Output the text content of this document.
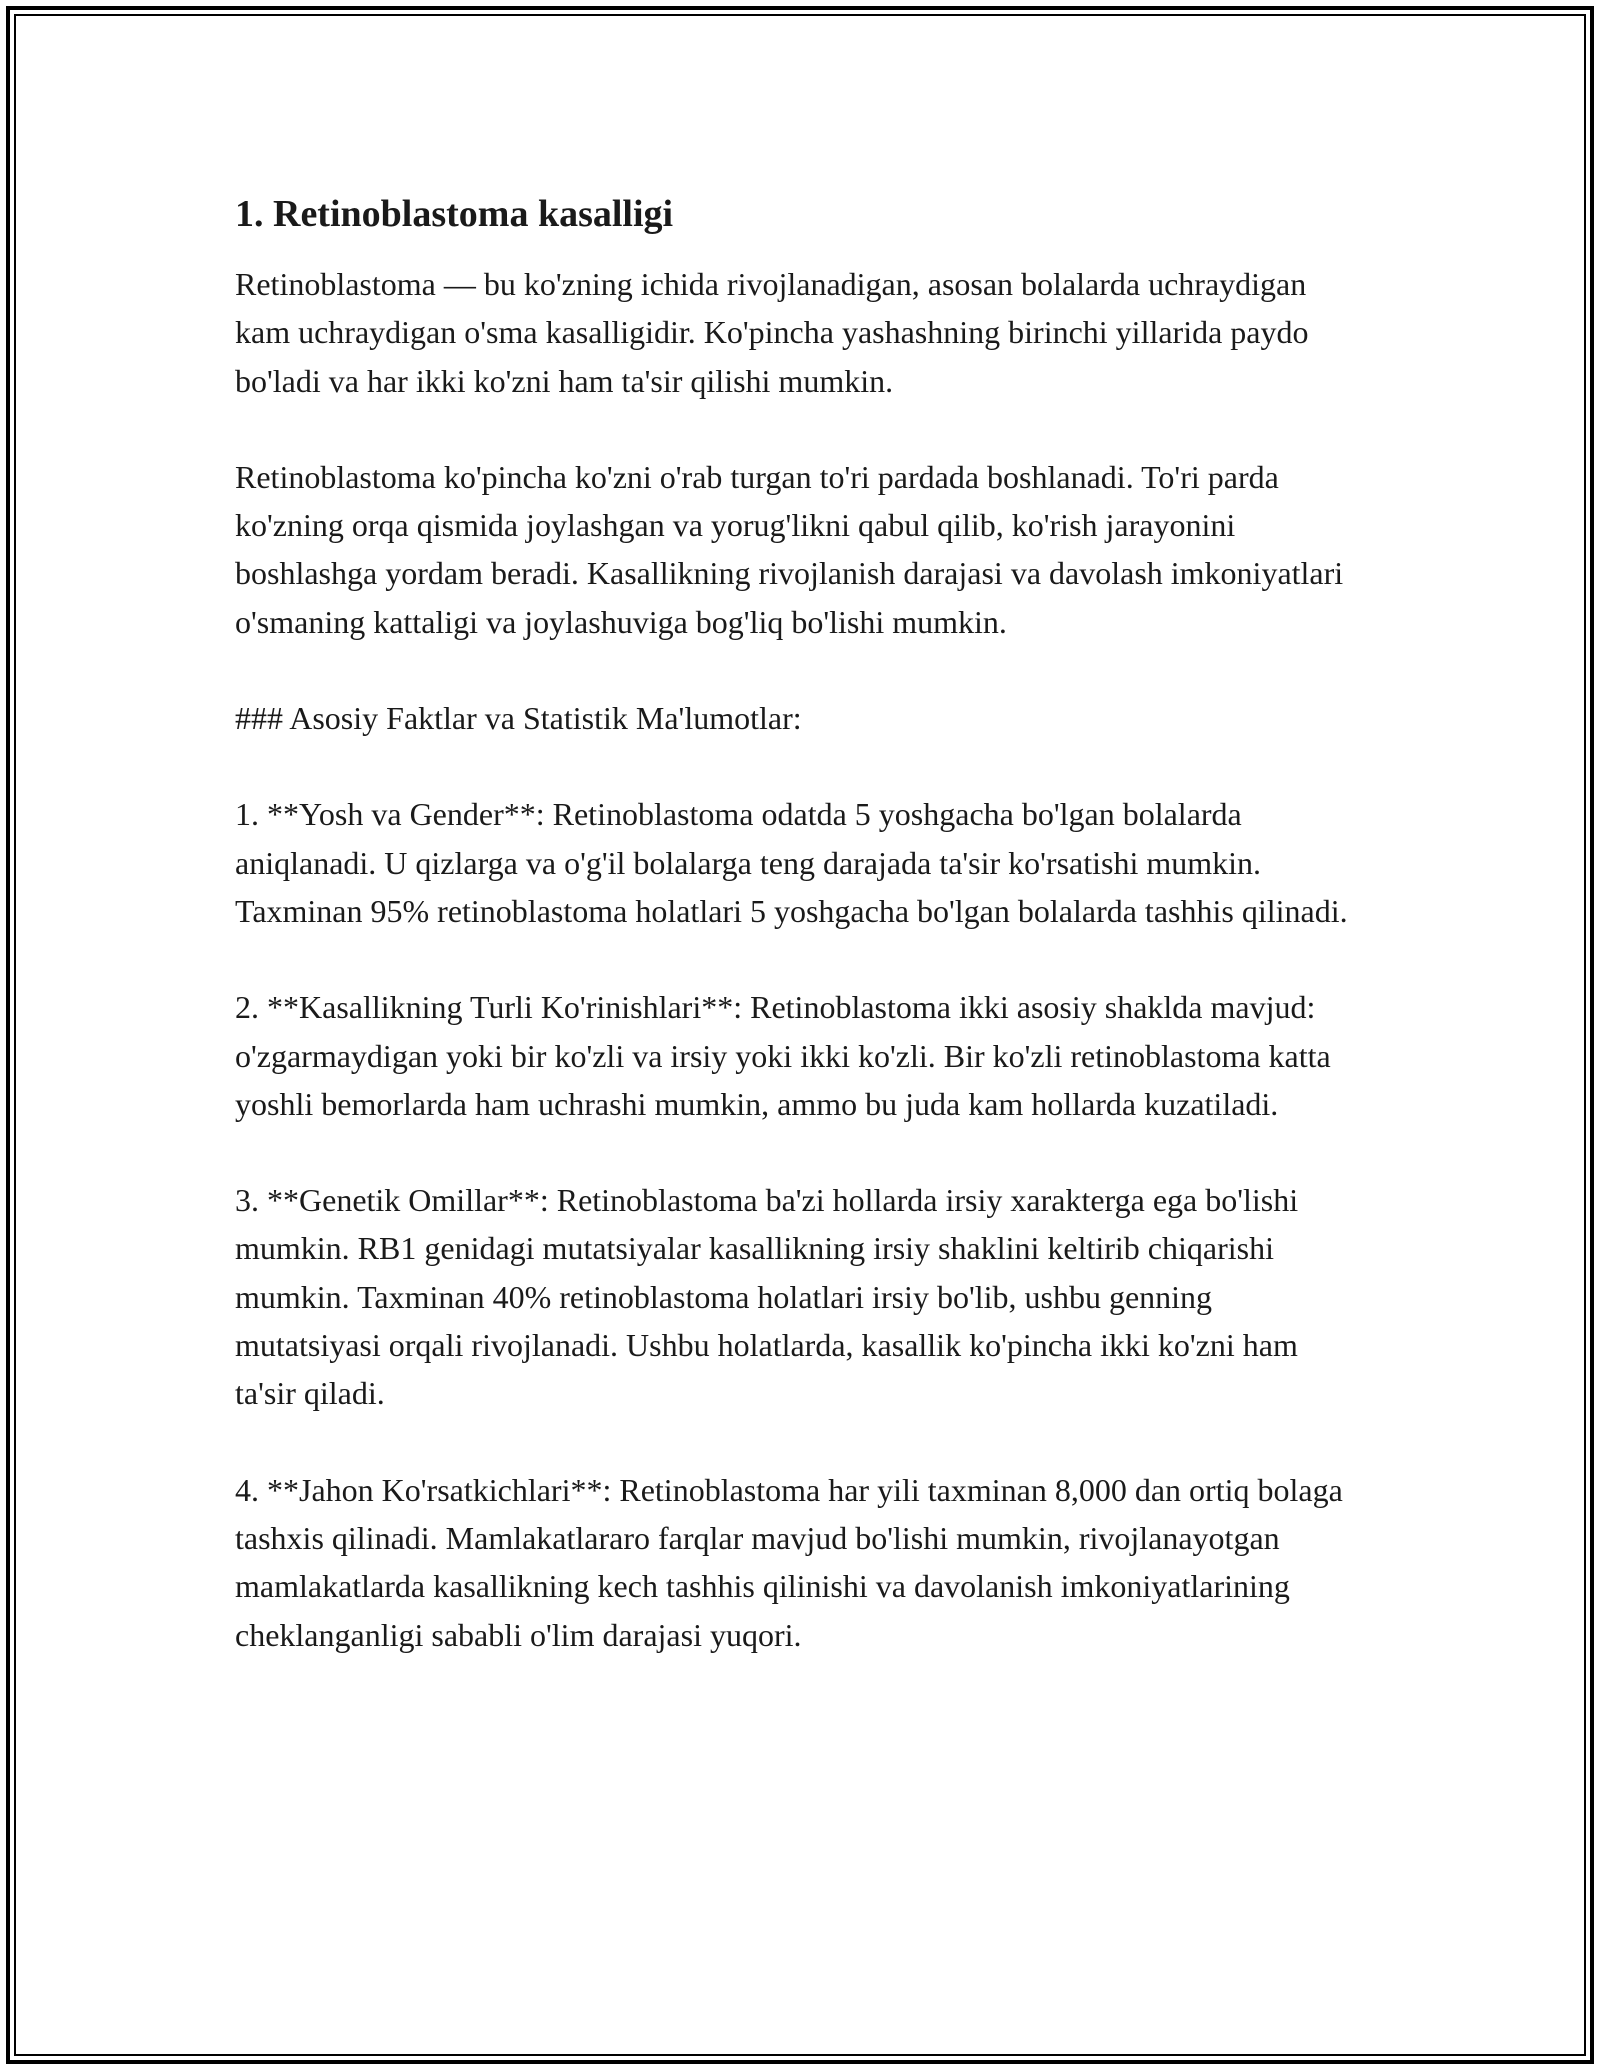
1. Retinoblastoma kasalligi

Retinoblastoma — bu ko'zning ichida rivojlanadigan, asosan bolalarda uchraydigan kam uchraydigan o'sma kasalligidir. Ko'pincha yashashning birinchi yillarida paydo bo'ladi va har ikki ko'zni ham ta'sir qilishi mumkin.

Retinoblastoma ko'pincha ko'zni o'rab turgan to'ri pardada boshlanadi. To'ri parda ko'zning orqa qismida joylashgan va yorug'likni qabul qilib, ko'rish jarayonini boshlashga yordam beradi. Kasallikning rivojlanish darajasi va davolash imkoniyatlari o'smaning kattaligi va joylashuviga bog'liq bo'lishi mumkin.

### Asosiy Faktlar va Statistik Ma'lumotlar:

1. **Yosh va Gender**: Retinoblastoma odatda 5 yoshgacha bo'lgan bolalarda aniqlanadi. U qizlarga va o'g'il bolalarga teng darajada ta'sir ko'rsatishi mumkin. Taxminan 95% retinoblastoma holatlari 5 yoshgacha bo'lgan bolalarda tashhis qilinadi.

2. **Kasallikning Turli Ko'rinishlari**: Retinoblastoma ikki asosiy shaklda mavjud: o'zgarmaydigan yoki bir ko'zli va irsiy yoki ikki ko'zli. Bir ko'zli retinoblastoma katta yoshli bemorlarda ham uchrashi mumkin, ammo bu juda kam hollarda kuzatiladi.

3. **Genetik Omillar**: Retinoblastoma ba'zi hollarda irsiy xarakterga ega bo'lishi mumkin. RB1 genidagi mutatsiyalar kasallikning irsiy shaklini keltirib chiqarishi mumkin. Taxminan 40% retinoblastoma holatlari irsiy bo'lib, ushbu genning mutatsiyasi orqali rivojlanadi. Ushbu holatlarda, kasallik ko'pincha ikki ko'zni ham ta'sir qiladi.

4. **Jahon Ko'rsatkichlari**: Retinoblastoma har yili taxminan 8,000 dan ortiq bolaga tashxis qilinadi. Mamlakatlararo farqlar mavjud bo'lishi mumkin, rivojlanayotgan mamlakatlarda kasallikning kech tashhis qilinishi va davolanish imkoniyatlarining cheklanganligi sababli o'lim darajasi yuqori.
